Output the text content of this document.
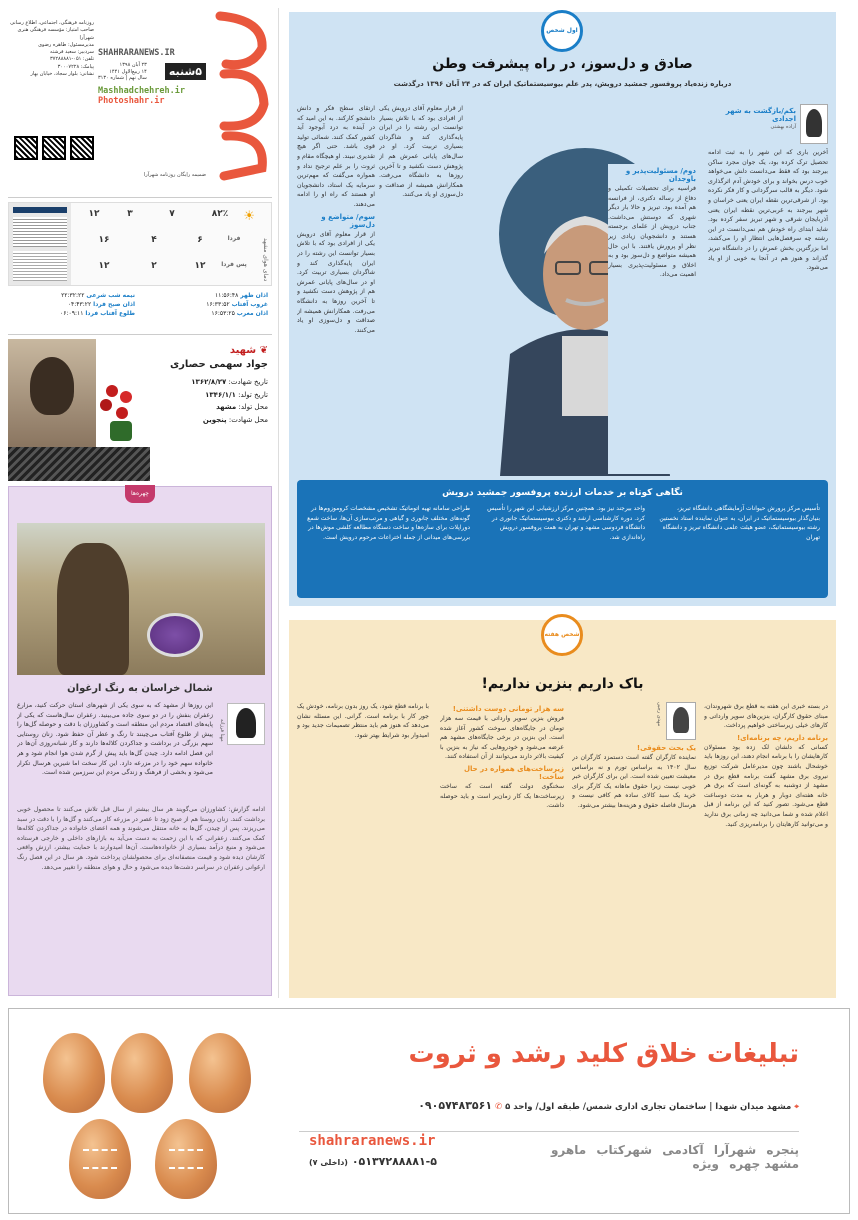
SHAHRARANEWS.IR
۵شنبه
۲۳ آبان ۱۳۹۸
۱۴ ربیع‌الاول ۱۴۴۱
سال نهم | شماره ۳۱۳۰
Mashhadchehreh.ir
Photoshahr.ir
روزنامه فرهنگی، اجتماعی، اطلاع رسانی
صاحب امتیاز: مؤسسه فرهنگی هنری شهرآرا
مدیرمسئول: طاهره رضوی
سردبیر: سعید فرشته
تلفن: ۰۵۱-۳۷۲۸۸۸۸۱
پیامک: ۳۰۰۰۷۲۲۸
نشانی: بلوار سجاد، خیابان بهار
ضمیمه رایگان روزنامه شهرآرا
دمای هوای مشهد
☀
۸۲٪
۷
۳
۱۲
فردا
۶
۴
۱۶
پس فردا
۱۲
۲
۱۲
اذان ظهر ۱۱:۵۶:۴۸
نیمه شب شرعی ۲۲:۳۲:۲۲
غروب آفتاب ۱۶:۳۳:۵۲
اذان صبح فردا ۰۴:۴۳:۲۲
اذان مغرب ۱۶:۵۳:۲۵
طلوع آفتاب فردا ۰۶:۰۹:۱۱
❦ شهید
جواد سهمی حصاری
تاریخ شهادت: ۱۳۶۲/۸/۲۷
تاریخ تولد: ۱۳۴۶/۱/۱
محل تولد: مشهد
محل شهادت: پنجوین
چهره‌ها
شمال خراسان به رنگ ارغوان
مهنا فرزانه
این روزها از مشهد که به سوی یکی از شهرهای استان حرکت کنید، مزارع زعفران بنفش را در دو سوی جاده می‌بینید. زعفران سال‌هاست که یکی از پایه‌های اقتصاد مردم این منطقه است و کشاورزان با دقت و حوصله گل‌ها را پیش از طلوع آفتاب می‌چینند تا رنگ و عطر آن حفظ شود. زنان روستایی سهم بزرگی در برداشت و جداکردن کلاله‌ها دارند و کار شبانه‌روزی آن‌ها در این فصل ادامه دارد. چیدن گل‌ها باید پیش از گرم شدن هوا انجام شود و هر خانواده سهم خود را در مزرعه دارد. این کار سخت اما شیرین هرسال تکرار می‌شود و بخشی از فرهنگ و زندگی مردم این سرزمین شده است.
ادامه گزارش: کشاورزان می‌گویند هر سال بیشتر از سال قبل تلاش می‌کنند تا محصول خوبی برداشت کنند. زنان روستا هم از صبح زود تا عصر در مزرعه کار می‌کنند و گل‌ها را با دقت در سبد می‌ریزند. پس از چیدن، گل‌ها به خانه منتقل می‌شوند و همه اعضای خانواده در جداکردن کلاله‌ها کمک می‌کنند. زعفرانی که با این زحمت به دست می‌آید به بازارهای داخلی و خارجی فرستاده می‌شود و منبع درآمد بسیاری از خانواده‌هاست. آن‌ها امیدوارند با حمایت بیشتر، ارزش واقعی کارشان دیده شود و قیمت منصفانه‌ای برای محصولشان پرداخت شود. هر سال در این فصل رنگ ارغوانی زعفران در سراسر دشت‌ها دیده می‌شود و حال و هوای منطقه را تغییر می‌دهد.
اول شخص
صادق و دل‌سوز، در راه پیشرفت وطن
درباره زنده‌یاد پروفسور جمشید درویش، پدر علم بیوسیستماتیک ایران که در ۲۴ آبان ۱۳۹۶ درگذشت
بکم/بازگشت به شهر اجدادی
آزاده بهشتی
آخرین باری که این شهر را به ثبت ادامه تحصیل ترک کرده بود، یک جوان مجرد ساکن بیرجند بود که فقط می‌دانست دلش می‌خواهد خوب درس بخواند و برای خودش آدم اثرگذاری شود. دیگر به قالب سرگردانی و کار فکر نکرده بود. از شرقی‌ترین نقطه ایران یعنی خراسان و شهر بیرجند به غربی‌ترین نقطه ایران یعنی آذربایجان شرقی و شهر تبریز سفر کرده بود. شاید ابتدای راه خودش هم نمی‌دانست در این رشته چه سرفصل‌هایی انتظار او را می‌کشد، اما بزرگترین بخش عمرش را در دانشگاه تبریز گذراند و هنوز هم در آنجا به خوبی از او یاد می‌شود.
ارتقای سطح فکر و دانش دانشجو کارکند. به این امید که در آینده به درد آبوجود آید کشور کمک کنند. شمائی تولید قوی باشد. حتی اگر هیچ تقدیری نبیند. او هیچگاه مقام و ثروت را بر علم ترجیح نداد و همواره می‌گفت که مهم‌ترین سرمایه یک استاد، دانشجویان او هستند که راه او را ادامه می‌دهند.
سوم/ متواضع و دل‌سوز
از قرار معلوم آقای درویش یکی از افرادی بود که با تلاش بسیار توانست این رشته را در ایران پایه‌گذاری کند و شاگردان بسیاری تربیت کرد. او در سال‌های پایانی عمرش هم از پژوهش دست نکشید و تا آخرین روزها به دانشگاه می‌رفت. همکارانش همیشه از صداقت و دل‌سوزی او یاد می‌کنند.
از قرار معلوم آقای درویش یکی از افرادی بود که با تلاش بسیار توانست این رشته را در ایران پایه‌گذاری کند و شاگردان بسیاری تربیت کرد. او در سال‌های پایانی عمرش هم از پژوهش دست نکشید و تا آخرین روزها به دانشگاه می‌رفت. همکارانش همیشه از صداقت و دل‌سوزی او یاد می‌کنند.
دوم/ مسئولیت‌پذیر و باوجدان
فراسیه برای تحصیلات تکمیلی و دفاع از رساله دکتری، از فرانسه هم آمده بود. تبریز و حالا بار دیگر شهری که دوستش می‌داشت. جناب درویش از علمای برجسته هستند و دانشجویان زیادی زیر نظر او پرورش یافتند. با این حال همیشه متواضع و دل‌سوز بود و به اخلاق و مسئولیت‌پذیری بسیار اهمیت می‌داد.
نگاهی کوتاه بر خدمات ارزنده پروفسور جمشید درویش
تأسیس مرکز پرورش حیوانات آزمایشگاهی دانشگاه تبریز، بنیان‌گذار بیوسیستماتیک در ایران، به عنوان نماینده استاد نخستین رشته بیوسیستماتیک، عضو هیئت علمی دانشگاه تبریز و دانشگاه تهران
واحد بیرجند نیز بود. همچنین مرکز ارزشیابی این شهر را تأسیس کرد. دوره کارشناسی ارشد و دکتری بیوسیستماتیک جانوری در دانشگاه فردوسی مشهد و تهران به همت پروفسور درویش راه‌اندازی شد.
طراحی سامانه تهیه اتوماتیک تشخیص مشخصات کروموزوم‌ها در گونه‌های مختلف جانوری و گیاهی و مرتب‌سازی آن‌ها، ساخت شمع دوراپلات برای سازه‌ها و ساخت دستگاه مطالعه کلشی موش‌ها در بررسی‌های میدانی از جمله اختراعات مرحوم درویش است.
شخص هفته
باک داریم بنزین نداریم!
در بسته خبری این هفته به قطع برق شهروندان، مبنای حقوق کارگران، بنزین‌های سوپر وارداتی و کارهای خیلی زیرساختی خواهیم پرداخت.
برنامه داریم، چه برنامه‌ای!
کسانی که دلشان لک زده بود مسئولان کارهایشان را با برنامه انجام دهند، این روزها باید خوشحال باشند چون مدیرعامل شرکت توزیع نیروی برق مشهد گفت برنامه قطع برق در مشهد از دوشنبه به گونه‌ای است که برق هر خانه هفته‌ای دوبار و هربار به مدت دوساعت قطع می‌شود. تصور کنید که این برنامه از قبل اعلام شده و شما می‌دانید چه زمانی برق ندارید و می‌توانید کارهایتان را برنامه‌ریزی کنید.
مهدی رجبی
یک بحث حقوقی!
نماینده کارگران گفته است دستمزد کارگران در سال ۱۴۰۲ به براساس تورم و نه براساس معیشت تعیین شده است. این برای کارگران خبر خوبی نیست زیرا حقوق ماهانه یک کارگر برای خرید یک سبد کالای ساده هم کافی نیست و هرسال فاصله حقوق و هزینه‌ها بیشتر می‌شود.
سه هزار تومانی دوست داشتنی!
فروش بنزین سوپر وارداتی با قیمت سه هزار تومان در جایگاه‌های سوخت کشور آغاز شده است. این بنزین در برخی جایگاه‌های مشهد هم عرضه می‌شود و خودروهایی که نیاز به بنزین با کیفیت بالاتر دارند می‌توانند از آن استفاده کنند.
زیرساخت‌های همواره در حال ساخت!
سخنگوی دولت گفته است که ساخت زیرساخت‌ها یک کار زمان‌بر است و باید حوصله داشت.
با برنامه قطع شود، یک روز بدون برنامه، خودش یک جور کار با برنامه است. گرانی. این مسئله نشان می‌دهد که هنوز هم باید منتظر تصمیمات جدید بود و امیدوار بود شرایط بهتر شود.
تبلیغات خلاق کلید رشد و ثروت
⌖ مشهد میدان شهدا | ساختمان تجاری اداری شمس/ طبقه اول/ واحد ۵ ✆ ۰۹۰۵۷۴۸۳۵۶۱
پنجره شهرآرا آکادمی شهرکتاب ماهرو مشهد چهره ویژه
shahraranews.ir
۰۵۱۳۷۲۸۸۸۸۱-۵ (داخلی ۷)
